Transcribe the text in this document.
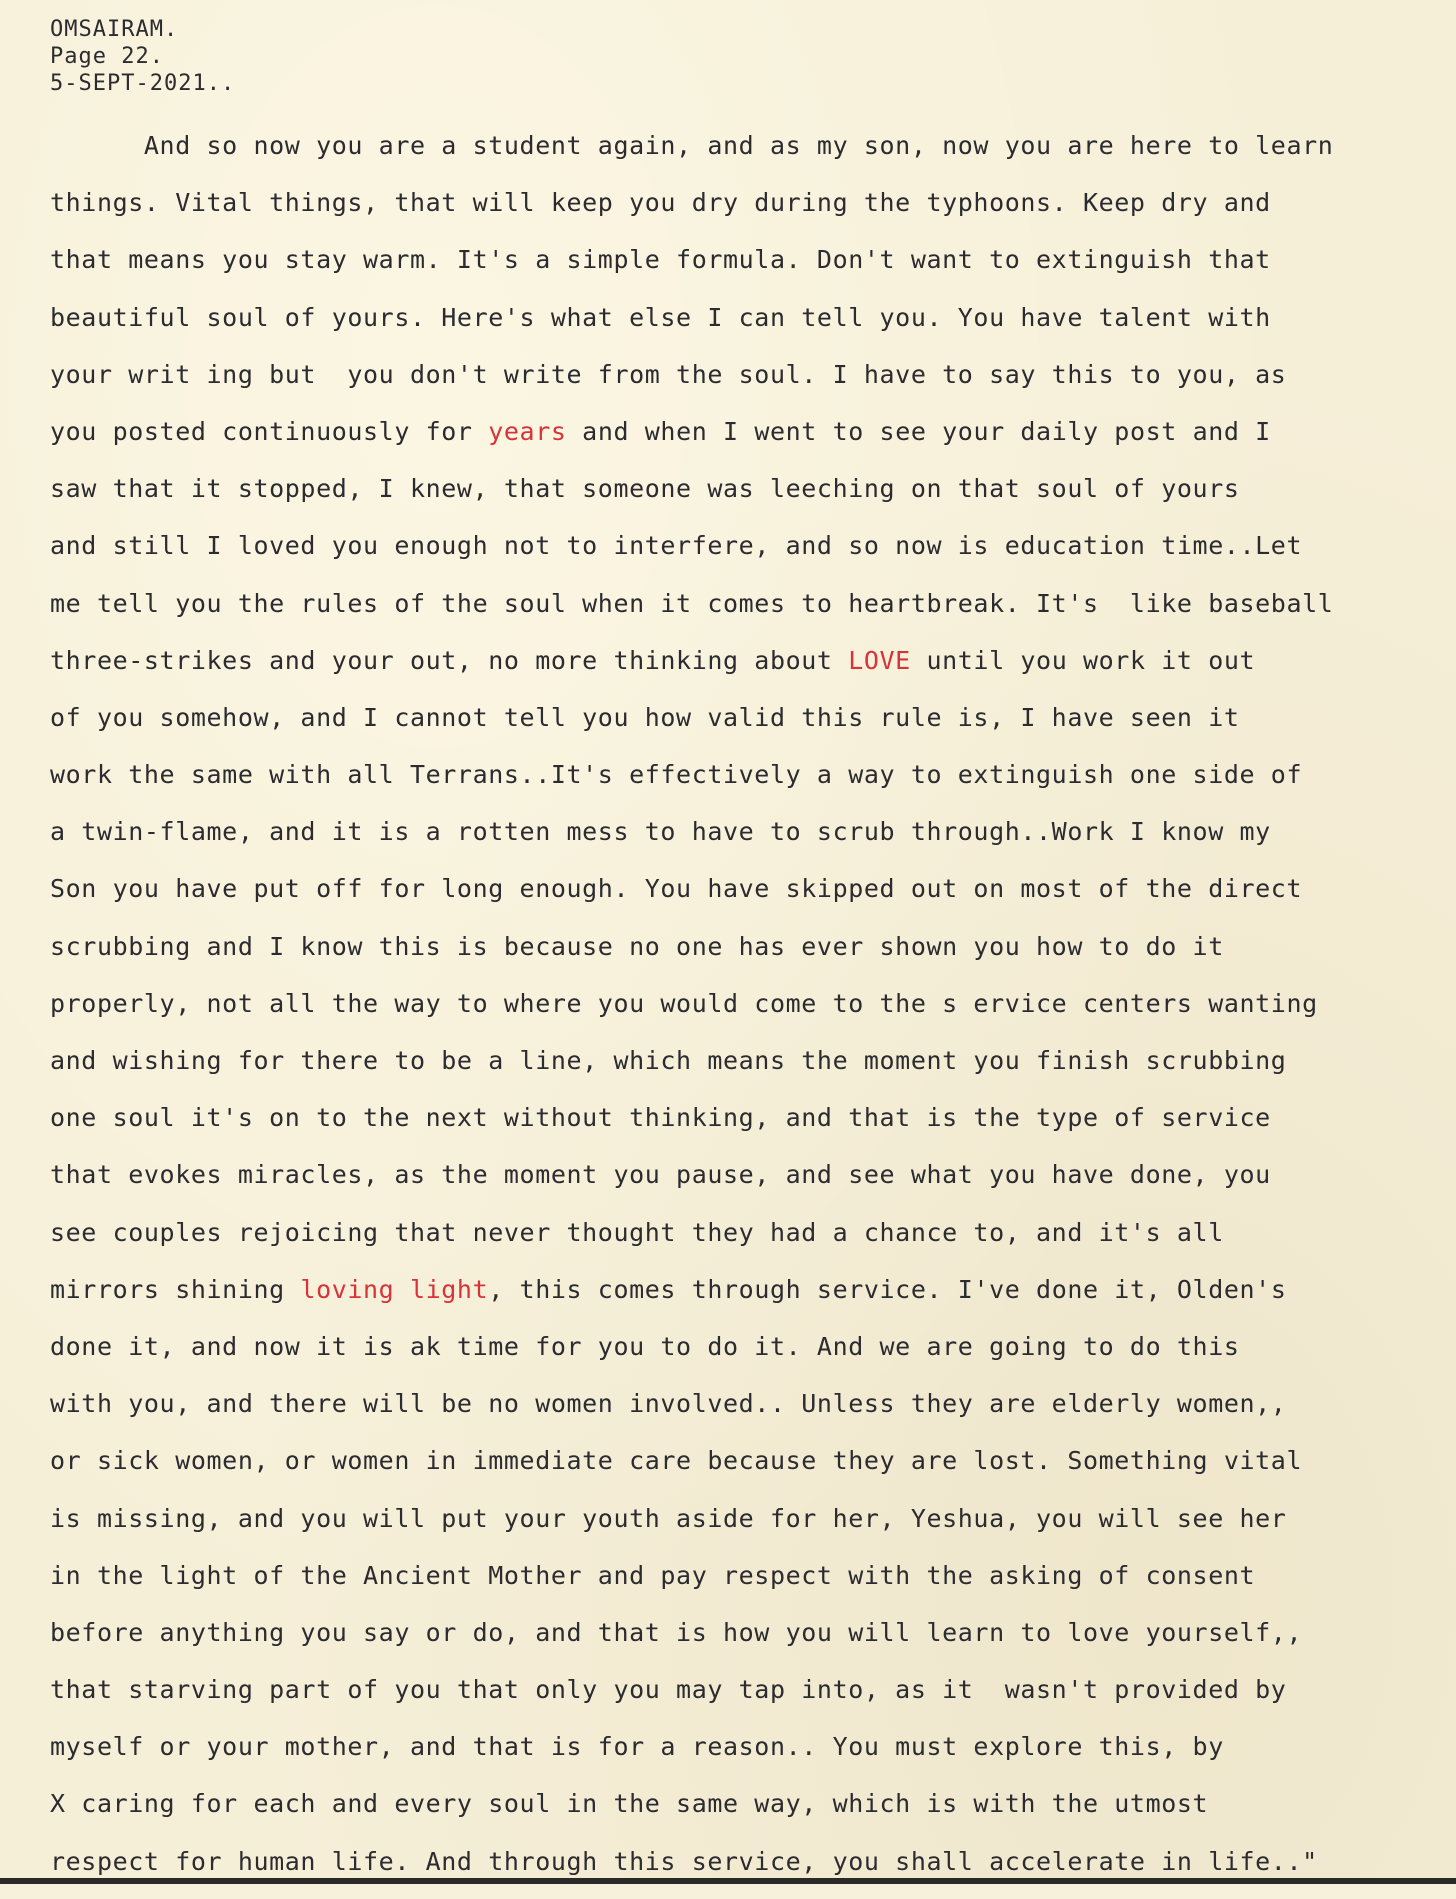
OMSAIRAM.
Page 22.
5-SEPT-2021..
And so now you are a student again, and as my son, now you are here to learn
things. Vital things, that will keep you dry during the typhoons. Keep dry and
that means you stay warm. It's a simple formula. Don't want to extinguish that
beautiful soul of yours. Here's what else I can tell you. You have talent with
your writ ing but  you don't write from the soul. I have to say this to you, as
you posted continuously for years and when I went to see your daily post and I
saw that it stopped, I knew, that someone was leeching on that soul of yours
and still I loved you enough not to interfere, and so now is education time..Let
me tell you the rules of the soul when it comes to heartbreak. It's  like baseball
three-strikes and your out, no more thinking about LOVE until you work it out
of you somehow, and I cannot tell you how valid this rule is, I have seen it
work the same with all Terrans..It's effectively a way to extinguish one side of
a twin-flame, and it is a rotten mess to have to scrub through..Work I know my
Son you have put off for long enough. You have skipped out on most of the direct
scrubbing and I know this is because no one has ever shown you how to do it
properly, not all the way to where you would come to the s ervice centers wanting
and wishing for there to be a line, which means the moment you finish scrubbing
one soul it's on to the next without thinking, and that is the type of service
that evokes miracles, as the moment you pause, and see what you have done, you
see couples rejoicing that never thought they had a chance to, and it's all
mirrors shining loving light, this comes through service. I've done it, Olden's
done it, and now it is ak time for you to do it. And we are going to do this
with you, and there will be no women involved.. Unless they are elderly women,,
or sick women, or women in immediate care because they are lost. Something vital
is missing, and you will put your youth aside for her, Yeshua, you will see her
in the light of the Ancient Mother and pay respect with the asking of consent
before anything you say or do, and that is how you will learn to love yourself,,
that starving part of you that only you may tap into, as it  wasn't provided by
myself or your mother, and that is for a reason.. You must explore this, by
X caring for each and every soul in the same way, which is with the utmost
respect for human life. And through this service, you shall accelerate in life.."
